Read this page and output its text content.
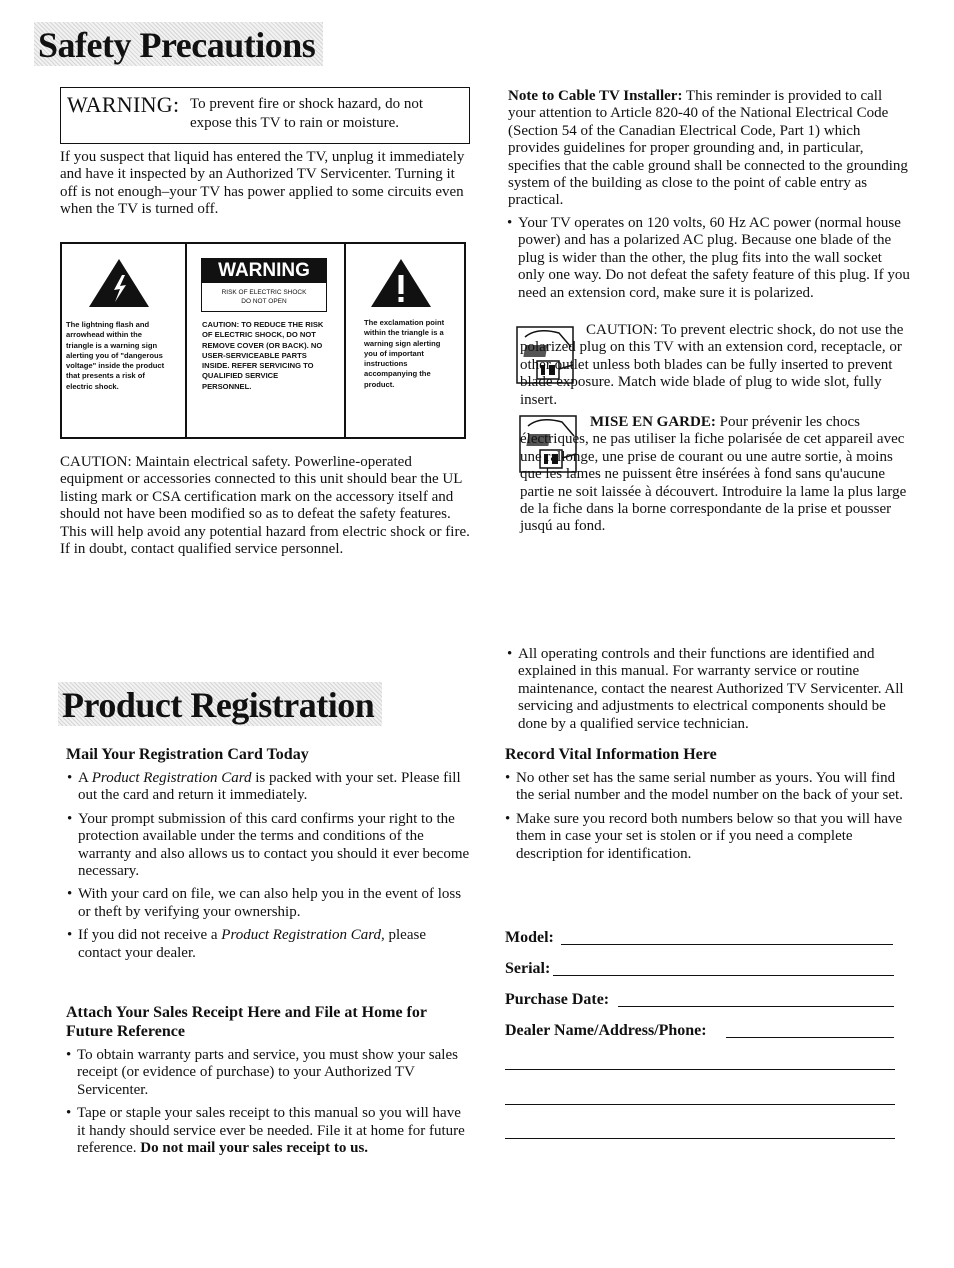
Safety Precautions
WARNING: To prevent fire or shock hazard, do not
expose this TV to rain or moisture.
If you suspect that liquid has entered the TV, unplug it immediately and have it inspected by an Authorized TV Servicenter. Turning it off is not enough–your TV has power applied to some circuits even when the TV is turned off.
The lightning flash and arrowhead within the triangle is a warning sign alerting you of "dangerous voltage" inside the product that presents a risk of electric shock.
WARNING
RISK OF ELECTRIC SHOCK
DO NOT OPEN
CAUTION: TO REDUCE THE RISK OF ELECTRIC SHOCK, DO NOT REMOVE COVER (OR BACK). NO USER-SERVICEABLE PARTS INSIDE. REFER SERVICING TO QUALIFIED SERVICE PERSONNEL.
The exclamation point within the triangle is a warning sign alerting you of important instructions accompanying the product.
CAUTION: Maintain electrical safety. Powerline-operated equipment or accessories connected to this unit should bear the UL listing mark or CSA certification mark on the accessory itself and should not have been modified so as to defeat the safety features. This will help avoid any potential hazard from electric shock or fire. If in doubt, contact qualified service personnel.
Note to Cable TV Installer: This reminder is provided to call your attention to Article 820-40 of the National Electrical Code (Section 54 of the Canadian Electrical Code, Part 1) which provides guidelines for proper grounding and, in particular, specifies that the cable ground shall be connected to the grounding system of the building as close to the point of cable entry as practical.
• Your TV operates on 120 volts, 60 Hz AC power (normal house power) and has a polarized AC plug. Because one blade of the plug is wider than the other, the plug fits into the wall socket only one way. Do not defeat the safety feature of this plug. If you need an extension cord, make sure it is polarized.
CAUTION: To prevent electric shock, do not use the polarized plug on this TV with an extension cord, receptacle, or other outlet unless both blades can be fully inserted to prevent blade exposure. Match wide blade of plug to wide slot, fully insert.
MISE EN GARDE: Pour prévenir les chocs électriques, ne pas utiliser la fiche polarisée de cet appareil avec une rallonge, une prise de courant ou une autre sortie, à moins que les lames ne puissent être insérées à fond sans qu'aucune partie ne soit laissée à découvert. Introduire la lame la plus large de la fiche dans la borne correspondante de la prise et pousser jusqú au fond.
• All operating controls and their functions are identified and explained in this manual. For warranty service or routine maintenance, contact the nearest Authorized TV Servicenter. All servicing and adjustments to electrical components should be done by a qualified service technician.
Product Registration
Mail Your Registration Card Today
• A Product Registration Card is packed with your set. Please fill out the card and return it immediately.
• Your prompt submission of this card confirms your right to the protection available under the terms and conditions of the warranty and also allows us to contact you should it ever become necessary.
• With your card on file, we can also help you in the event of loss or theft by verifying your ownership.
• If you did not receive a Product Registration Card, please contact your dealer.
Attach Your Sales Receipt Here and File at Home for Future Reference
• To obtain warranty parts and service, you must show your sales receipt (or evidence of purchase) to your Authorized TV Servicenter.
• Tape or staple your sales receipt to this manual so you will have it handy should service ever be needed. File it at home for future reference. Do not mail your sales receipt to us.
Record Vital Information Here
• No other set has the same serial number as yours. You will find the serial number and the model number on the back of your set.
• Make sure you record both numbers below so that you will have them in case your set is stolen or if you need a complete description for identification.
Model:
Serial:
Purchase Date:
Dealer Name/Address/Phone:
